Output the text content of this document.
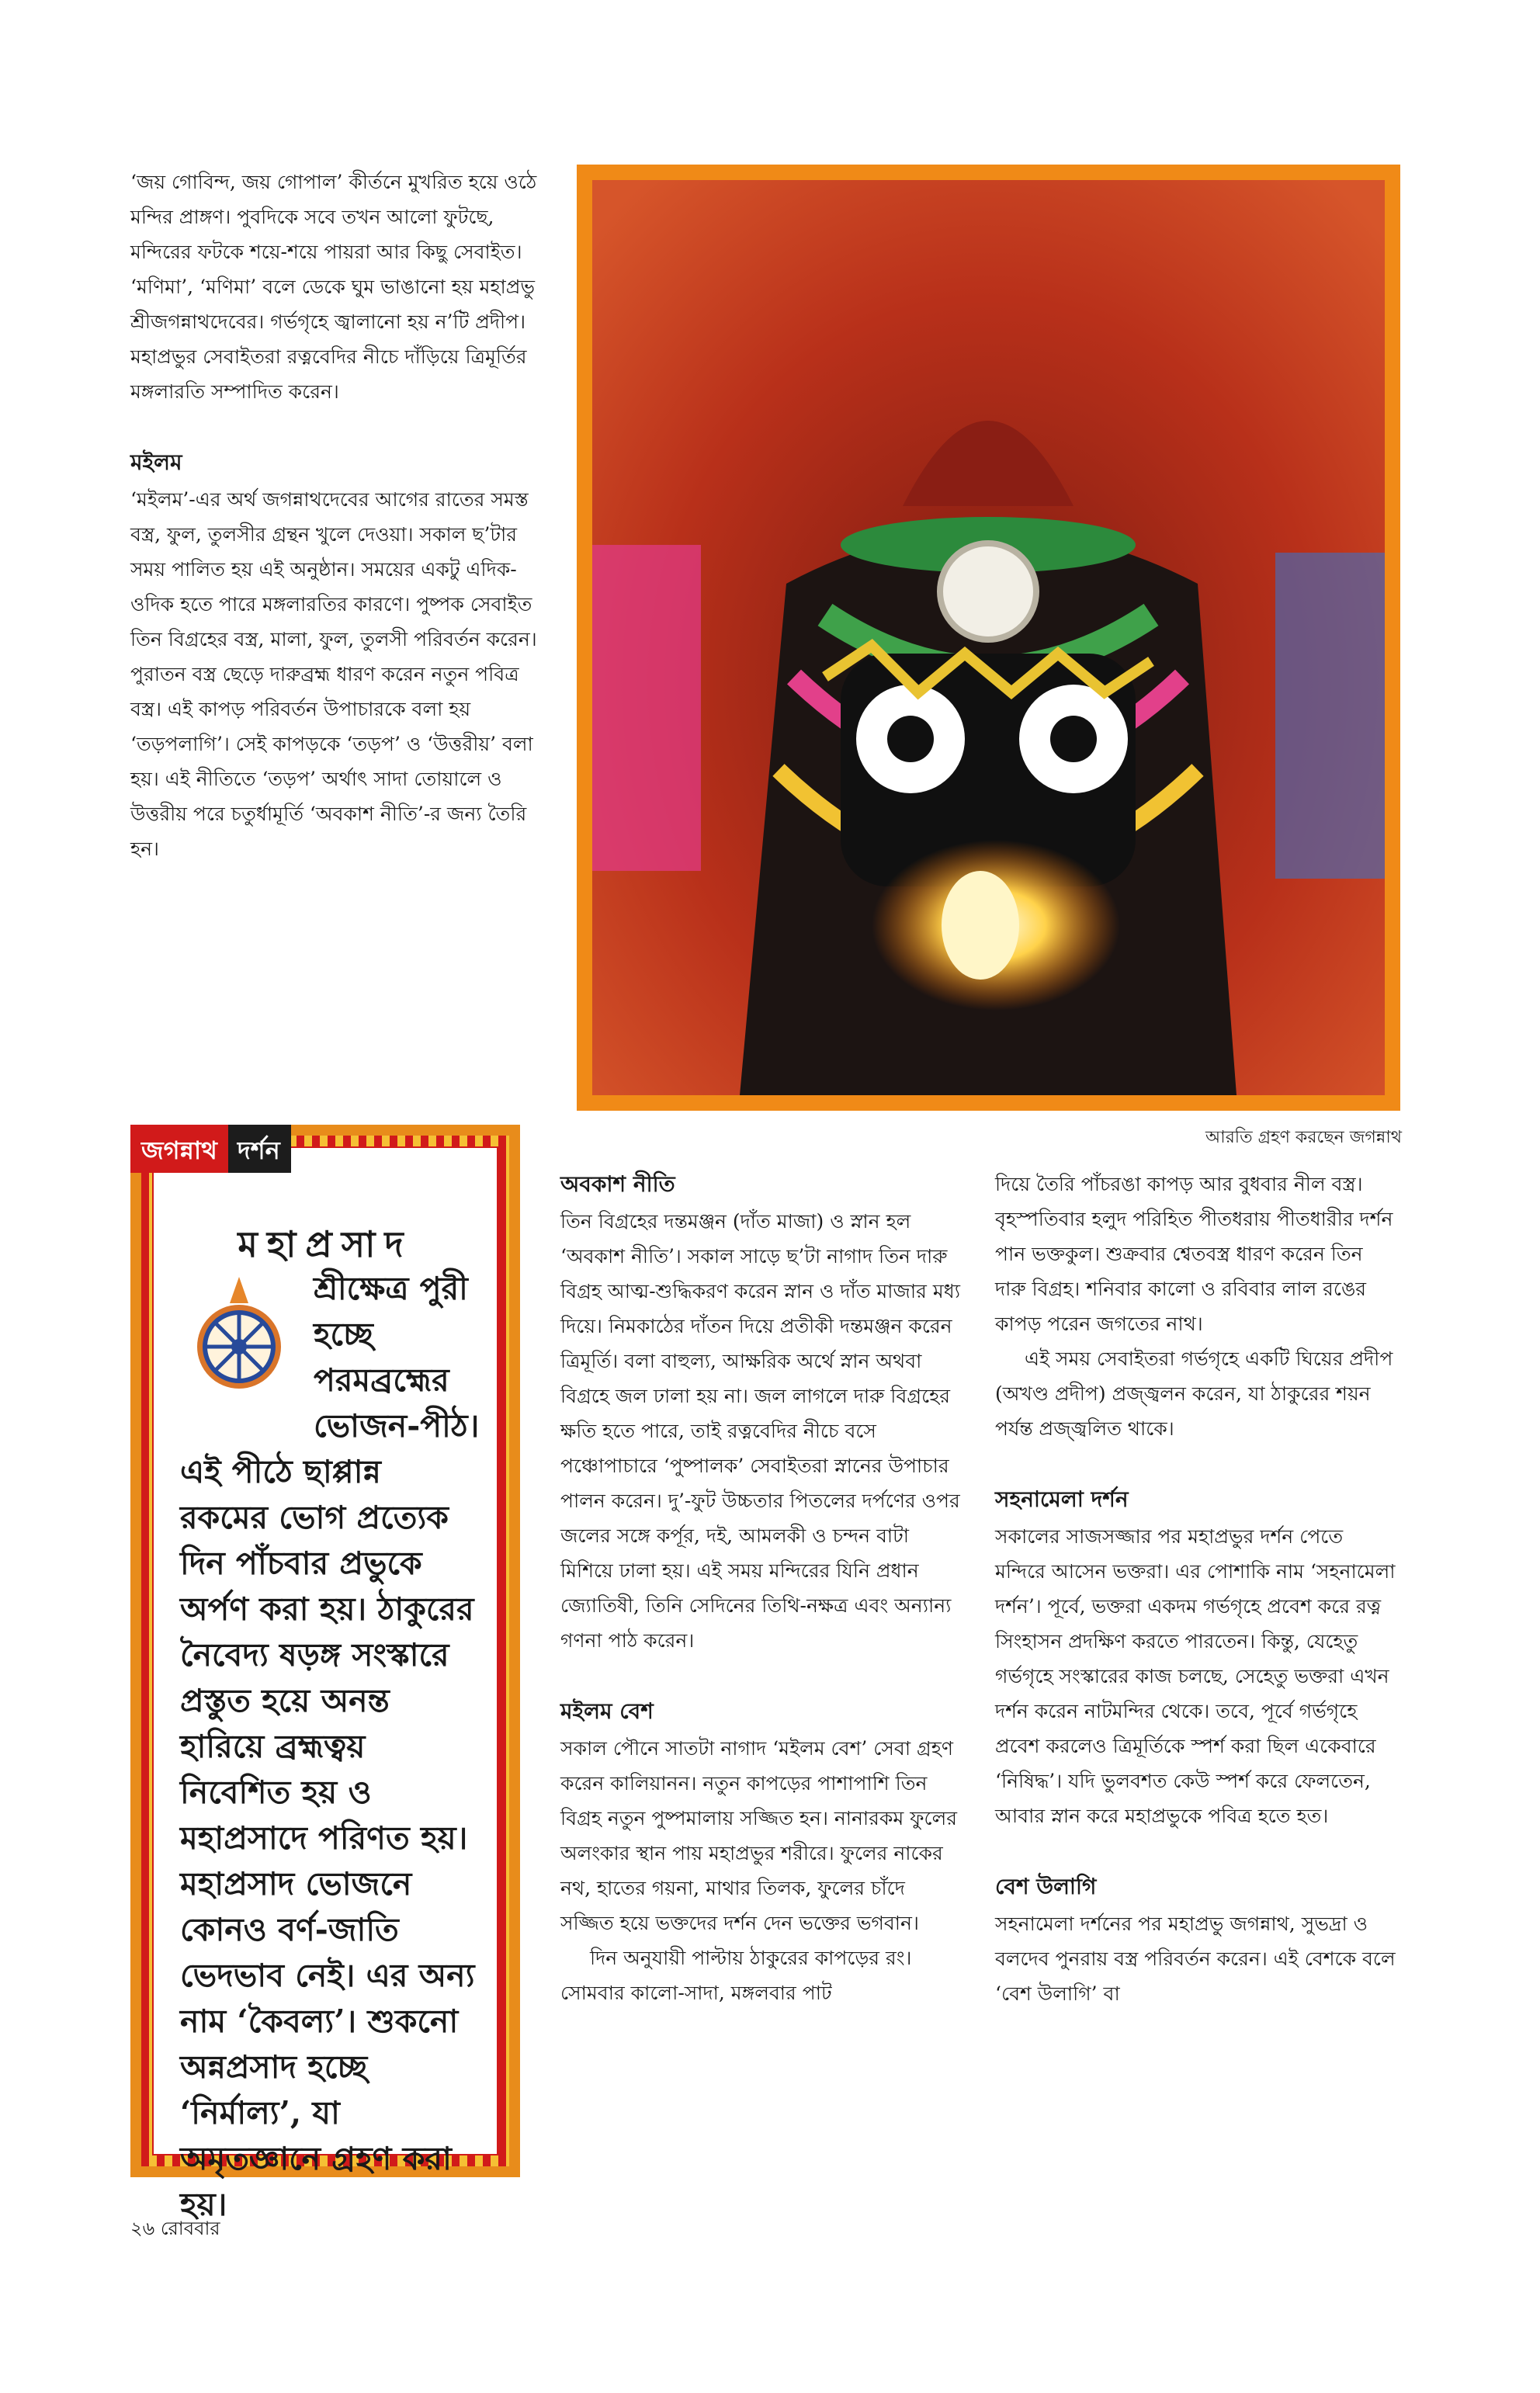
‘জয় গোবিন্দ, জয় গোপাল’ কীর্তনে মুখরিত হয়ে ওঠে মন্দির প্রাঙ্গণ। পুবদিকে সবে তখন আলো ফুটছে, মন্দিরের ফটকে শয়ে-শয়ে পায়রা আর কিছু সেবাইত। ‘মণিমা’, ‘মণিমা’ বলে ডেকে ঘুম ভাঙানো হয় মহাপ্রভু শ্রীজগন্নাথদেবের। গর্ভগৃহে জ্বালানো হয় ন’টি প্রদীপ। মহাপ্রভুর সেবাইতরা রত্নবেদির নীচে দাঁড়িয়ে ত্রিমূর্তির মঙ্গলারতি সম্পাদিত করেন।

মইলম

‘মইলম’-এর অর্থ জগন্নাথদেবের আগের রাতের সমস্ত বস্ত্র, ফুল, তুলসীর গ্রন্থন খুলে দেওয়া। সকাল ছ’টার সময় পালিত হয় এই অনুষ্ঠান। সময়ের একটু এদিক-ওদিক হতে পারে মঙ্গলারতির কারণে। পুষ্পক সেবাইত তিন বিগ্রহের বস্ত্র, মালা, ফুল, তুলসী পরিবর্তন করেন। পুরাতন বস্ত্র ছেড়ে দারুব্রহ্ম ধারণ করেন নতুন পবিত্র বস্ত্র। এই কাপড় পরিবর্তন উপাচারকে বলা হয় ‘তড়পলাগি’। সেই কাপড়কে ‘তড়প’ ও ‘উত্তরীয়’ বলা হয়। এই নীতিতে ‘তড়প’ অর্থাৎ সাদা তোয়ালে ও উত্তরীয় পরে চতুর্ধামূর্তি ‘অবকাশ নীতি’-র জন্য তৈরি হন।

আরতি গ্রহণ করছেন জগন্নাথ
জগন্নাথ দর্শন
মহাপ্রসাদ
শ্রীক্ষেত্র পুরী হচ্ছে পরমব্রহ্মের ভোজন-পীঠ। এই পীঠে ছাপ্পান্ন রকমের ভোগ প্রত্যেক দিন পাঁচবার প্রভুকে অর্পণ করা হয়। ঠাকুরের নৈবেদ্য ষড়ঙ্গ সংস্কারে প্রস্তুত হয়ে অনন্ত হারিয়ে ব্রহ্মত্বয় নিবেশিত হয় ও মহাপ্রসাদে পরিণত হয়। মহাপ্রসাদ ভোজনে কোনও বর্ণ-জাতি ভেদভাব নেই। এর অন্য নাম ‘কৈবল্য’। শুকনো অন্নপ্রসাদ হচ্ছে ‘নির্মাল্য’, যা অমৃতজ্ঞানে গ্রহণ করা হয়।
অবকাশ নীতি

তিন বিগ্রহের দন্তমঞ্জন (দাঁত মাজা) ও স্নান হল ‘অবকাশ নীতি’। সকাল সাড়ে ছ’টা নাগাদ তিন দারু বিগ্রহ আত্ম-শুদ্ধিকরণ করেন স্নান ও দাঁত মাজার মধ্য দিয়ে। নিমকাঠের দাঁতন দিয়ে প্রতীকী দন্তমঞ্জন করেন ত্রিমূর্তি। বলা বাহুল্য, আক্ষরিক অর্থে স্নান অথবা বিগ্রহে জল ঢালা হয় না। জল লাগলে দারু বিগ্রহের ক্ষতি হতে পারে, তাই রত্নবেদির নীচে বসে পঞ্চোপাচারে ‘পুষ্পালক’ সেবাইতরা স্নানের উপাচার পালন করেন। দু’-ফুট উচ্চতার পিতলের দর্পণের ওপর জলের সঙ্গে কর্পূর, দই, আমলকী ও চন্দন বাটা মিশিয়ে ঢালা হয়। এই সময় মন্দিরের যিনি প্রধান জ্যোতিষী, তিনি সেদিনের তিথি-নক্ষত্র এবং অন্যান্য গণনা পাঠ করেন।

মইলম বেশ

সকাল পৌনে সাতটা নাগাদ ‘মইলম বেশ’ সেবা গ্রহণ করেন কালিয়ানন। নতুন কাপড়ের পাশাপাশি তিন বিগ্রহ নতুন পুষ্পমালায় সজ্জিত হন। নানারকম ফুলের অলংকার স্থান পায় মহাপ্রভুর শরীরে। ফুলের নাকের নথ, হাতের গয়না, মাথার তিলক, ফুলের চাঁদে সজ্জিত হয়ে ভক্তদের দর্শন দেন ভক্তের ভগবান।

দিন অনুযায়ী পাল্টায় ঠাকুরের কাপড়ের রং। সোমবার কালো-সাদা, মঙ্গলবার পাট

দিয়ে তৈরি পাঁচরঙা কাপড় আর বুধবার নীল বস্ত্র। বৃহস্পতিবার হলুদ পরিহিত পীতধরায় পীতধারীর দর্শন পান ভক্তকুল। শুক্রবার শ্বেতবস্ত্র ধারণ করেন তিন দারু বিগ্রহ। শনিবার কালো ও রবিবার লাল রঙের কাপড় পরেন জগতের নাথ।

এই সময় সেবাইতরা গর্ভগৃহে একটি ঘিয়ের প্রদীপ (অখণ্ড প্রদীপ) প্রজ্জ্বলন করেন, যা ঠাকুরের শয়ন পর্যন্ত প্রজ্জ্বলিত থাকে।

সহনামেলা দর্শন

সকালের সাজসজ্জার পর মহাপ্রভুর দর্শন পেতে মন্দিরে আসেন ভক্তরা। এর পোশাকি নাম ‘সহনামেলা দর্শন’। পূর্বে, ভক্তরা একদম গর্ভগৃহে প্রবেশ করে রত্ন সিংহাসন প্রদক্ষিণ করতে পারতেন। কিন্তু, যেহেতু গর্ভগৃহে সংস্কারের কাজ চলছে, সেহেতু ভক্তরা এখন দর্শন করেন নাটমন্দির থেকে। তবে, পূর্বে গর্ভগৃহে প্রবেশ করলেও ত্রিমূর্তিকে স্পর্শ করা ছিল একেবারে ‘নিষিদ্ধ’। যদি ভুলবশত কেউ স্পর্শ করে ফেলতেন, আবার স্নান করে মহাপ্রভুকে পবিত্র হতে হত।

বেশ উলাগি

সহনামেলা দর্শনের পর মহাপ্রভু জগন্নাথ, সুভদ্রা ও বলদেব পুনরায় বস্ত্র পরিবর্তন করেন। এই বেশকে বলে ‘বেশ উলাগি’ বা

২৬ রোববার
